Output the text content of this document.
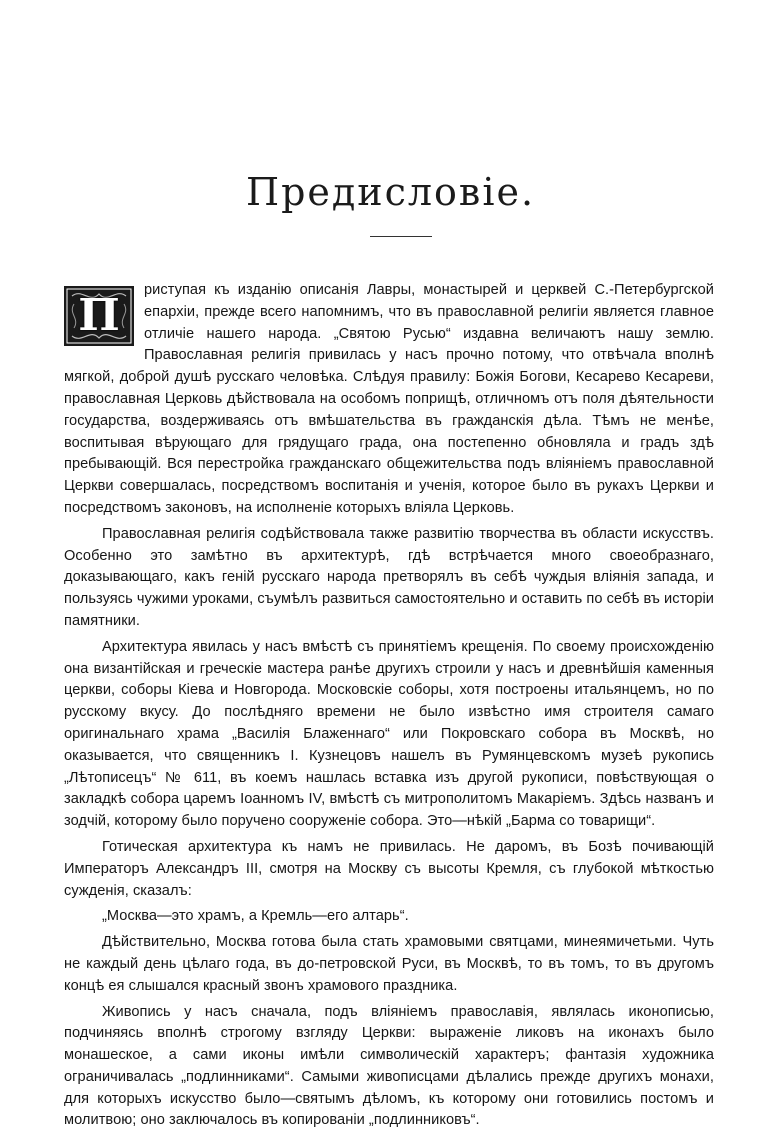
Предисловіе.

П
риступая къ изданію описанія Лавры, монастырей и церквей С.-Петербургской епархіи, прежде всего напомнимъ, что въ православной религіи является главное отличіе нашего народа. „Святою Русью“ издавна величаютъ нашу землю. Православная религія привилась у насъ прочно потому, что отвѣчала вполнѣ мягкой, доброй душѣ русскаго человѣка. Слѣдуя правилу: Божія Богови, Кесарево Кесареви, православная Церковь дѣйствовала на особомъ поприщѣ, отличномъ отъ поля дѣятельности государства, воздерживаясь отъ вмѣшательства въ гражданскія дѣла. Тѣмъ не менѣе, воспитывая вѣрующаго для грядущаго града, она постепенно обновляла и градъ здѣ пребывающій. Вся перестройка гражданскаго общежительства подъ вліяніемъ православной Церкви совершалась, посредствомъ воспитанія и ученія, которое было въ рукахъ Церкви и посредствомъ законовъ, на исполненіе которыхъ вліяла Церковь.

Православная религія содѣйствовала также развитію творчества въ области искусствъ. Особенно это замѣтно въ архитектурѣ, гдѣ встрѣчается много своеобразнаго, доказывающаго, какъ геній русскаго народа претворялъ въ себѣ чуждыя вліянія запада, и пользуясь чужими уроками, съумѣлъ развиться самостоятельно и оставить по себѣ въ исторіи памятники.

Архитектура явилась у насъ вмѣстѣ съ принятіемъ крещенія. По своему происхожденію она византійская и греческіе мастера ранѣе другихъ строили у насъ и древнѣйшія каменныя церкви, соборы Кіева и Новгорода. Московскіе соборы, хотя построены итальянцемъ, но по русскому вкусу. До послѣдняго времени не было извѣстно имя строителя самаго оригинальнаго храма „Василія Блаженнаго“ или Покровскаго собора въ Москвѣ, но оказывается, что священникъ І. Кузнецовъ нашелъ въ Румянцевскомъ музеѣ рукопись „Лѣтописецъ“ № 611, въ коемъ нашлась вставка изъ другой рукописи, повѣствующая о закладкѣ собора царемъ Іоанномъ IV, вмѣстѣ съ митрополитомъ Макаріемъ. Здѣсь названъ и зодчій, которому было поручено сооруженіе собора. Это—нѣкій „Барма со товарищи“.

Готическая архитектура къ намъ не привилась. Не даромъ, въ Бозѣ почивающій Императоръ Александръ III, смотря на Москву съ высоты Кремля, съ глубокой мѣткостью сужденія, сказалъ:

„Москва—это храмъ, а Кремль—его алтарь“.

Дѣйствительно, Москва готова была стать храмовыми святцами, минеямичетьми. Чуть не каждый день цѣлаго года, въ до-петровской Руси, въ Москвѣ, то въ томъ, то въ другомъ концѣ ея слышался красный звонъ храмового праздника.

Живопись у насъ сначала, подъ вліяніемъ православія, являлась иконописью, подчиняясь вполнѣ строгому взгляду Церкви: выраженіе ликовъ на иконахъ было монашеское, а сами иконы имѣли символическій характеръ; фантазія художника ограничивалась „подлинниками“. Самыми живописцами дѣлались прежде другихъ монахи, для которыхъ искусство было—святымъ дѣломъ, къ которому они готовились постомъ и молитвою; оно заключалось въ копированіи „подлинниковъ“.
